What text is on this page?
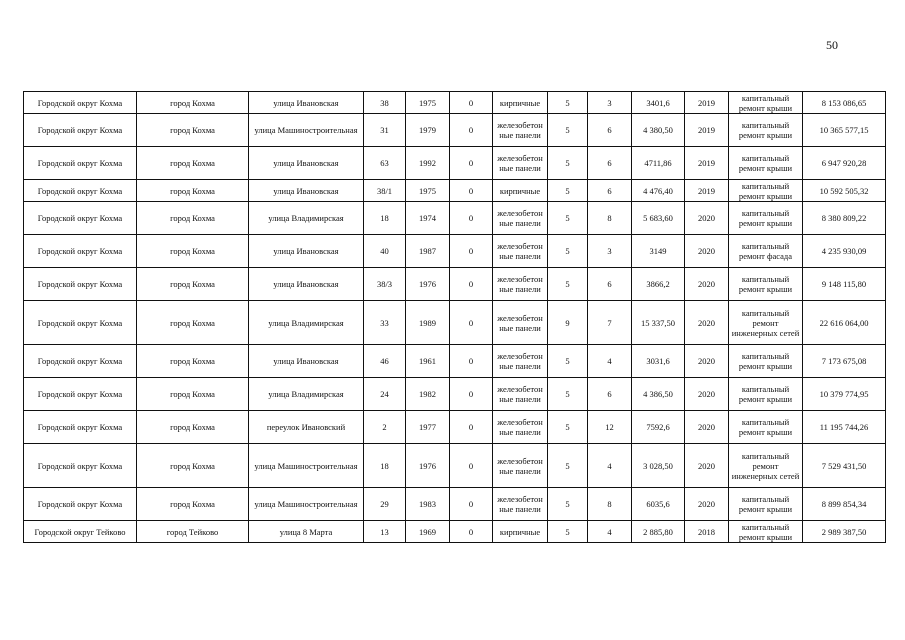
50
Городской округ Кохма	город Кохма	улица Ивановская	38	1975	0	кирпичные	5	3	3401,6	2019	капитальный ремонт крыши	8 153 086,65
Городской округ Кохма	город Кохма	улица Машиностроительная	31	1979	0	железобетонные панели	5	6	4 380,50	2019	капитальный ремонт крыши	10 365 577,15
Городской округ Кохма	город Кохма	улица Ивановская	63	1992	0	железобетонные панели	5	6	4711,86	2019	капитальный ремонт крыши	6 947 920,28
Городской округ Кохма	город Кохма	улица Ивановская	38/1	1975	0	кирпичные	5	6	4 476,40	2019	капитальный ремонт крыши	10 592 505,32
Городской округ Кохма	город Кохма	улица Владимирская	18	1974	0	железобетонные панели	5	8	5 683,60	2020	капитальный ремонт крыши	8 380 809,22
Городской округ Кохма	город Кохма	улица Ивановская	40	1987	0	железобетонные панели	5	3	3149	2020	капитальный ремонт фасада	4 235 930,09
Городской округ Кохма	город Кохма	улица Ивановская	38/3	1976	0	железобетонные панели	5	6	3866,2	2020	капитальный ремонт крыши	9 148 115,80
Городской округ Кохма	город Кохма	улица Владимирская	33	1989	0	железобетонные панели	9	7	15 337,50	2020	капитальный ремонт инженерных сетей	22 616 064,00
Городской округ Кохма	город Кохма	улица Ивановская	46	1961	0	железобетонные панели	5	4	3031,6	2020	капитальный ремонт крыши	7 173 675,08
Городской округ Кохма	город Кохма	улица Владимирская	24	1982	0	железобетонные панели	5	6	4 386,50	2020	капитальный ремонт крыши	10 379 774,95
Городской округ Кохма	город Кохма	переулок Ивановский	2	1977	0	железобетонные панели	5	12	7592,6	2020	капитальный ремонт крыши	11 195 744,26
Городской округ Кохма	город Кохма	улица Машиностроительная	18	1976	0	железобетонные панели	5	4	3 028,50	2020	капитальный ремонт инженерных сетей	7 529 431,50
Городской округ Кохма	город Кохма	улица Машиностроительная	29	1983	0	железобетонные панели	5	8	6035,6	2020	капитальный ремонт крыши	8 899 854,34
Городской округ Тейково	город Тейково	улица 8 Марта	13	1969	0	кирпичные	5	4	2 885,80	2018	капитальный ремонт крыши	2 989 387,50
